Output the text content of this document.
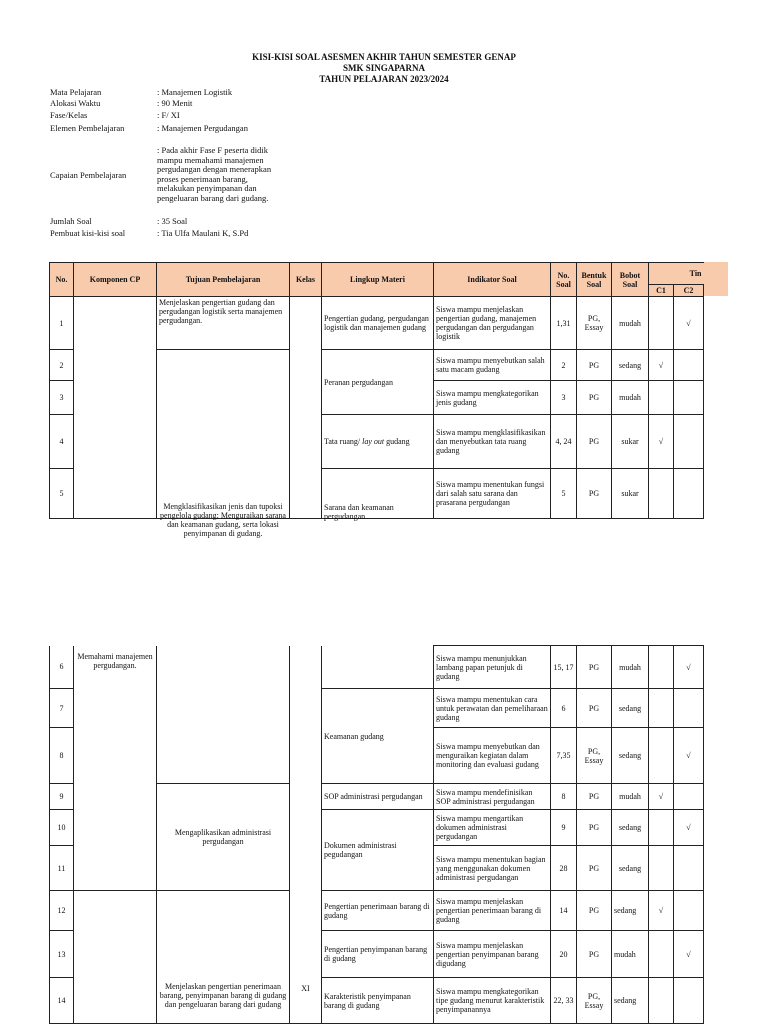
KISI-KISI SOAL ASESMEN AKHIR TAHUN SEMESTER GENAP
SMK SINGAPARNA
TAHUN PELAJARAN 2023/2024
Mata Pelajaran	: Manajemen Logistik
Alokasi Waktu	: 90 Menit
Fase/Kelas	: F/ XI
Elemen Pembelajaran	: Manajemen Pergudangan
Capaian Pembelajaran
: Pada akhir Fase F peserta didik mampu memahami manajemen pergudangan dengan menerapkan proses penerimaan barang, melakukan penyimpanan dan pengeluaran barang dari gudang.
Jumlah Soal	: 35 Soal
Pembuat kisi-kisi soal	: Tia Ulfa Maulani K, S.Pd
No.	Komponen CP	Tujuan Pembelajaran	Kelas	Lingkup Materi	Indikator Soal	No. Soal	Bentuk Soal	Bobot Soal	Tin	
									C1	C2
1		Menjelaskan pengertian gudang dan pergudangan logistik serta manajemen pergudangan.		Pengertian gudang, pergudangan logistik dan manajemen gudang	Siswa mampu menjelaskan pengertian gudang, manajemen pergudangan dan pergudangan logistik	1,31	PG, Essay	mudah		√
2		Mengklasifikasikan jenis dan tupoksi pengelola gudang; Menguraikan sarana dan keamanan gudang, serta lokasi penyimpanan di gudang.		Peranan pergudangan	Siswa mampu menyebutkan salah satu macam gudang	2	PG	sedang	√	
3					Siswa mampu mengkategorikan jenis gudang	3	PG	mudah		
4				Tata ruang/ lay out gudang	Siswa mampu mengklasifikasikan dan menyebutkan tata ruang gudang	4, 24	PG	sukar	√	
5				Sarana dan keamanan pergudangan	Siswa mampu menentukan fungsi dari salah satu sarana dan prasarana pergudangan	5	PG	sukar		
6	Memahami manajemen pergudangan.		XI		Siswa mampu menunjukkan lambang papan petunjuk di gudang	15, 17	PG	mudah		√
7				Keamanan gudang	Siswa mampu menentukan cara untuk perawatan dan pemeliharaan gudang	6	PG	sedang		
8					Siswa mampu menyebutkan dan menguraikan kegiatan dalam monitoring dan evaluasi gudang	7,35	PG, Essay	sedang		√
9		Mengaplikasikan administrasi pergudangan		SOP administrasi pergudangan	Siswa mampu mendefinisikan SOP administrasi pergudangan	8	PG	mudah	√	
10				Dokumen administrasi pegudangan	Siswa mampu mengartikan dokumen administrasi pergudangan	9	PG	sedang		√
11					Siswa mampu menentukan bagian yang menggunakan dokumen administrasi pergudangan	28	PG	sedang		
12		Menjelaskan pengertian penerimaan barang, penyimpanan barang di gudang dan pengeluaran barang dari gudang		Pengertian penerimaan barang di gudang	Siswa mampu menjelaskan pengertian penerimaan barang di gudang	14	PG	sedang	√	
13				Pengertian penyimpanan barang di gudang	Siswa mampu menjelaskan pengertian penyimpanan barang digudang	20	PG	mudah		√
14				Karakteristik penyimpanan barang di gudang	Siswa mampu mengkategorikan tipe gudang menurut karakteristik penyimpanannya	22, 33	PG, Essay	sedang		
